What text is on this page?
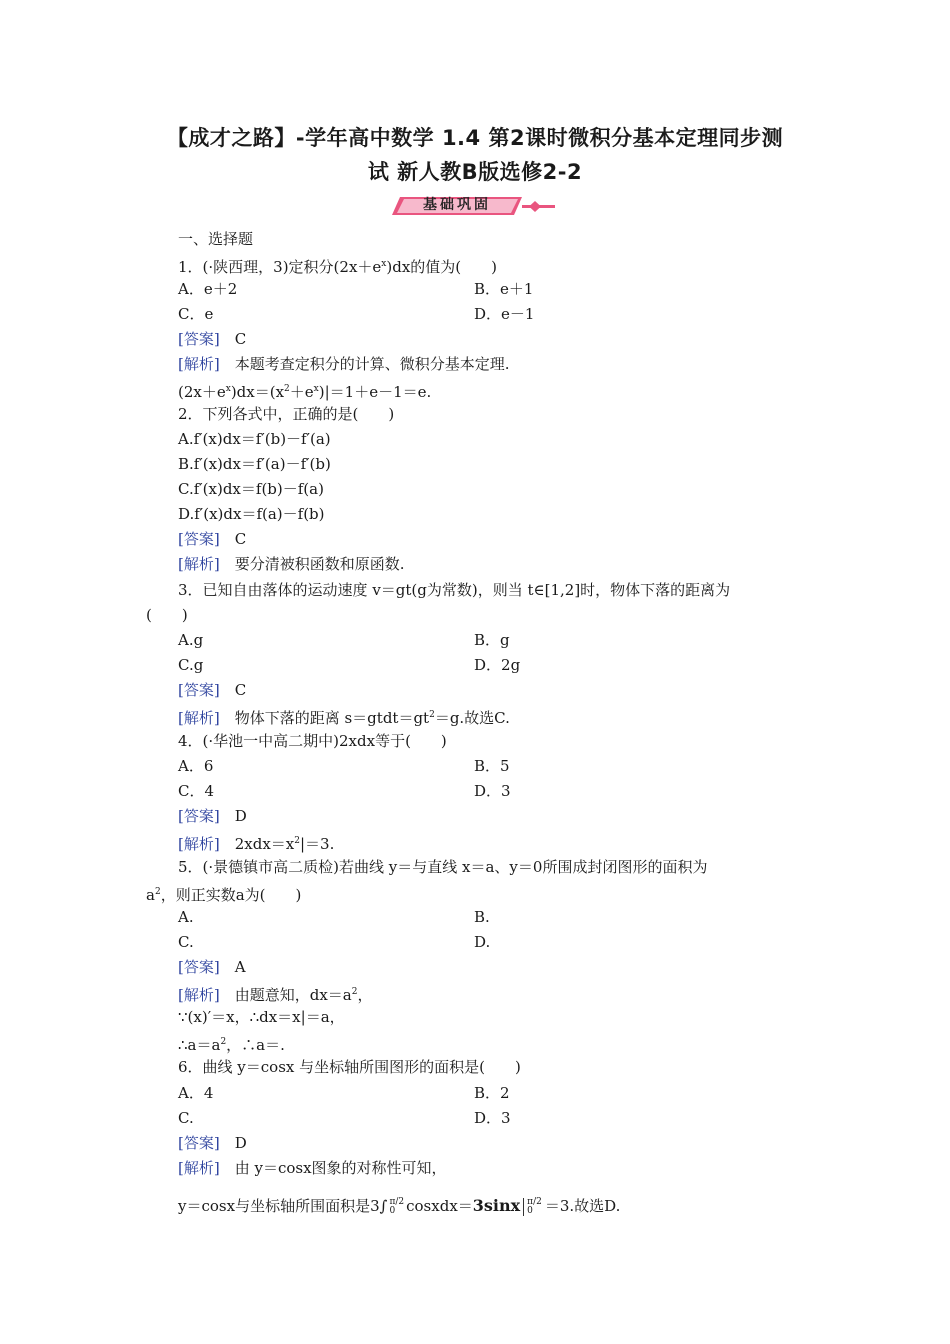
【成才之路】-学年高中数学 1.4 第2课时微积分基本定理同步测
试 新人教B版选修2-2
基础巩固
一、选择题
1．(·陕西理，3)定积分$(2x+e^x)dx$的值为(　　)
A．e＋2	B．e＋1
C．e	D．e－1
[答案]　C
[解析]　本题考查定积分的计算、微积分基本定理.
$(2x+e^x)dx=(x^2+e^x)|=1+e-1=e$.
2．下列各式中，正确的是(　　)
A.f′(x)dx＝f′(b)－f′(a)
B.f′(x)dx＝f′(a)－f′(b)
C.f′(x)dx＝f(b)－f(a)
D.f′(x)dx＝f(a)－f(b)
[答案]　C
[解析]　要分清被积函数和原函数.
3．已知自由落体的运动速度 v＝gt(g为常数)，则当 t∈[1,2]时，物体下落的距离为
(　　)
A.g	B．g
C.g	D．2g
[答案]　C
[解析]　物体下落的距离 $s=gtdt=gt^2=g$.故选C.
4．(·华池一中高二期中)2xdx等于(　　)
A．6	B．5
C．4	D．3
[答案]　D
[解析]　$2xdx=x^2|=3$.
5．(·景德镇市高二质检)若曲线 y＝与直线 x＝a、y＝0所围成封闭图形的面积为
$a^2$，则正实数a为(　　)
A.	B.
C.	D.
[答案]　A
[解析]　由题意知，$dx=a^2$，
∵(x)′＝x，∴dx＝x|＝a，
$\therefore a=a^2$，∴a＝.
6．曲线 y＝cosx 与坐标轴所围图形的面积是(　　)
A．4	B．2
C.	D．3
[答案]　D
[解析]　由 y＝cosx图象的对称性可知，
y＝cosx与坐标轴所围面积是3∫ π/2
0 cosxdx＝3sinx π/2
0 ＝3.故选D.
